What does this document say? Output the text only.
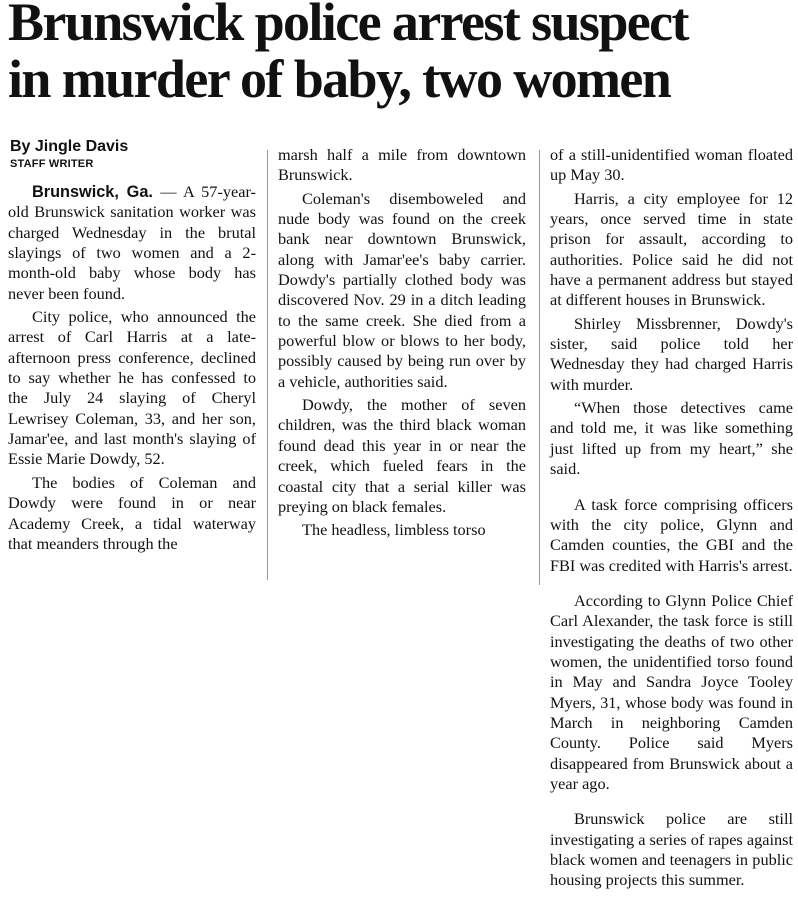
Brunswick police arrest suspect
in murder of baby, two women
By Jingle Davis
STAFF WRITER

Brunswick, Ga. — A 57-year-old Brunswick sanitation worker was charged Wednesday in the brutal slayings of two women and a 2-month-old baby whose body has never been found.

City police, who announced the arrest of Carl Harris at a late-afternoon press conference, declined to say whether he has confessed to the July 24 slaying of Cheryl Lewrisey Coleman, 33, and her son, Jamar'ee, and last month's slaying of Essie Marie Dowdy, 52.

The bodies of Coleman and Dowdy were found in or near Academy Creek, a tidal waterway that meanders through the

marsh half a mile from downtown Brunswick.

Coleman's disemboweled and nude body was found on the creek bank near downtown Brunswick, along with Jamar'ee's baby carrier. Dowdy's partially clothed body was discovered Nov. 29 in a ditch leading to the same creek. She died from a powerful blow or blows to her body, possibly caused by being run over by a vehicle, authorities said.

Dowdy, the mother of seven children, was the third black woman found dead this year in or near the creek, which fueled fears in the coastal city that a serial killer was preying on black females.

The headless, limbless torso

of a still-unidentified woman floated up May 30.

Harris, a city employee for 12 years, once served time in state prison for assault, according to authorities. Police said he did not have a permanent address but stayed at different houses in Brunswick.

Shirley Missbrenner, Dowdy's sister, said police told her Wednesday they had charged Harris with murder.

“When those detectives came and told me, it was like something just lifted up from my heart,” she said.

A task force comprising officers with the city police, Glynn and Camden counties, the GBI and the FBI was credited with Harris's arrest.

According to Glynn Police Chief Carl Alexander, the task force is still investigating the deaths of two other women, the unidentified torso found in May and Sandra Joyce Tooley Myers, 31, whose body was found in March in neighboring Camden County. Police said Myers disappeared from Brunswick about a year ago.

Brunswick police are still investigating a series of rapes against black women and teenagers in public housing projects this summer.
